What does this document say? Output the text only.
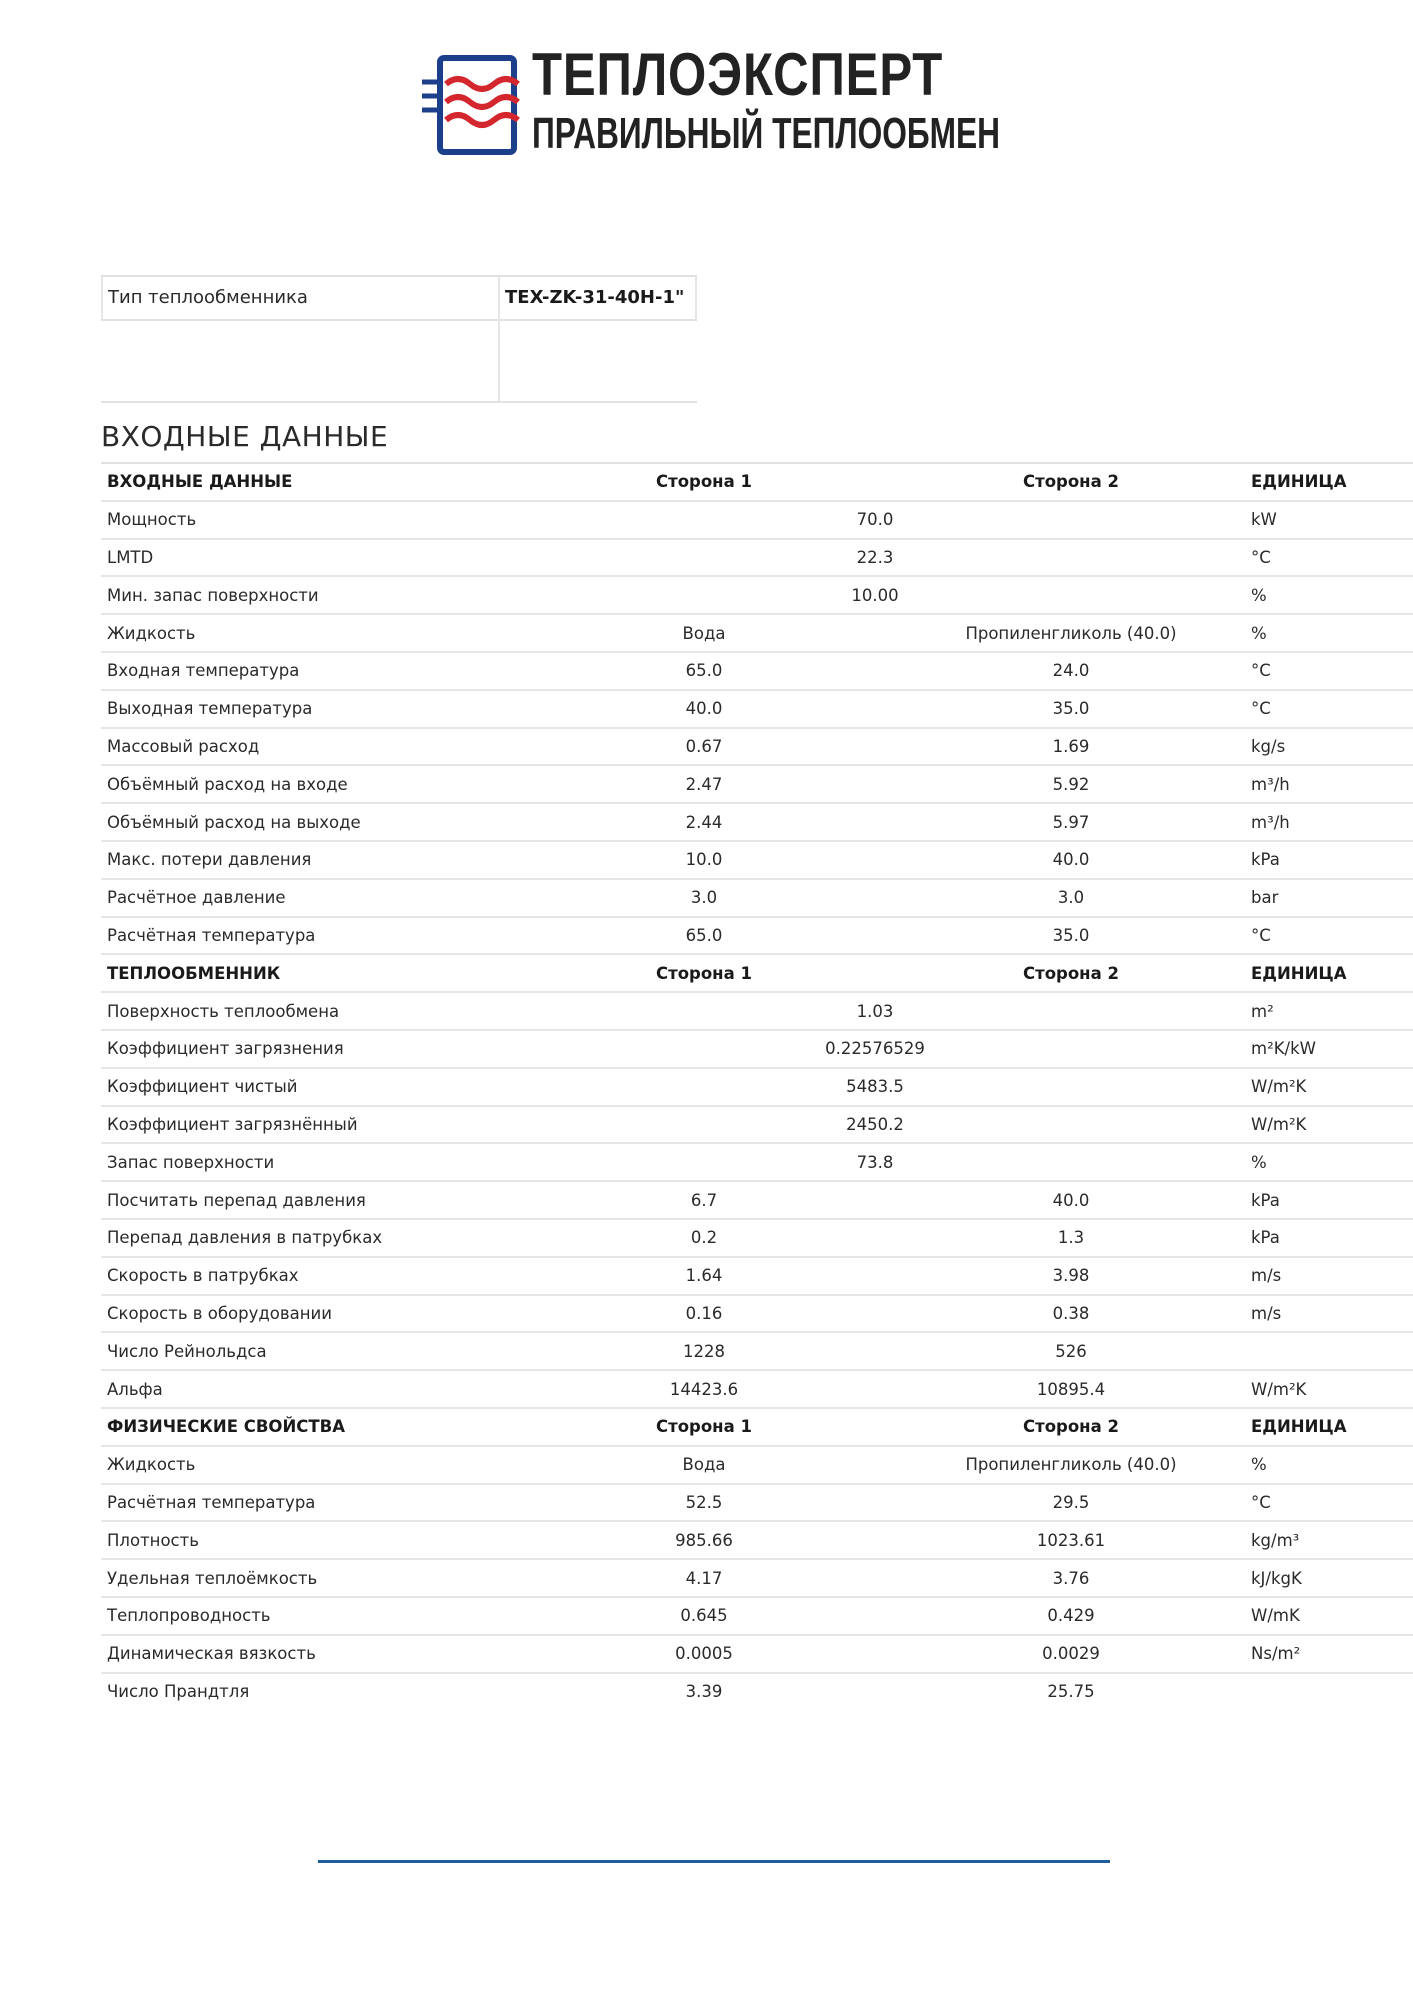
ТЕПЛОЭКСПЕРТ
ПРАВИЛЬНЫЙ ТЕПЛООБМЕН
Тип теплообменника	TEX-ZK-31-40H-1"
ВХОДНЫЕ ДАННЫЕ
ВХОДНЫЕ ДАННЫЕ	Сторона 1	Сторона 2	ЕДИНИЦА
Мощность	70.0		kW
LMTD	22.3		°C
Мин. запас поверхности	10.00		%
Жидкость	Вода	Пропиленгликоль (40.0)	%
Входная температура	65.0	24.0	°C
Выходная температура	40.0	35.0	°C
Массовый расход	0.67	1.69	kg/s
Объёмный расход на входе	2.47	5.92	m³/h
Объёмный расход на выходе	2.44	5.97	m³/h
Макс. потери давления	10.0	40.0	kPa
Расчётное давление	3.0	3.0	bar
Расчётная температура	65.0	35.0	°C
ТЕПЛООБМЕННИК	Сторона 1	Сторона 2	ЕДИНИЦА
Поверхность теплообмена	1.03		m²
Коэффициент загрязнения	0.22576529		m²K/kW
Коэффициент чистый	5483.5		W/m²K
Коэффициент загрязнённый	2450.2		W/m²K
Запас поверхности	73.8		%
Посчитать перепад давления	6.7	40.0	kPa
Перепад давления в патрубках	0.2	1.3	kPa
Скорость в патрубках	1.64	3.98	m/s
Скорость в оборудовании	0.16	0.38	m/s
Число Рейнольдса	1228	526	
Альфа	14423.6	10895.4	W/m²K
ФИЗИЧЕСКИЕ СВОЙСТВА	Сторона 1	Сторона 2	ЕДИНИЦА
Жидкость	Вода	Пропиленгликоль (40.0)	%
Расчётная температура	52.5	29.5	°C
Плотность	985.66	1023.61	kg/m³
Удельная теплоёмкость	4.17	3.76	kJ/kgK
Теплопроводность	0.645	0.429	W/mK
Динамическая вязкость	0.0005	0.0029	Ns/m²
Число Прандтля	3.39	25.75	
